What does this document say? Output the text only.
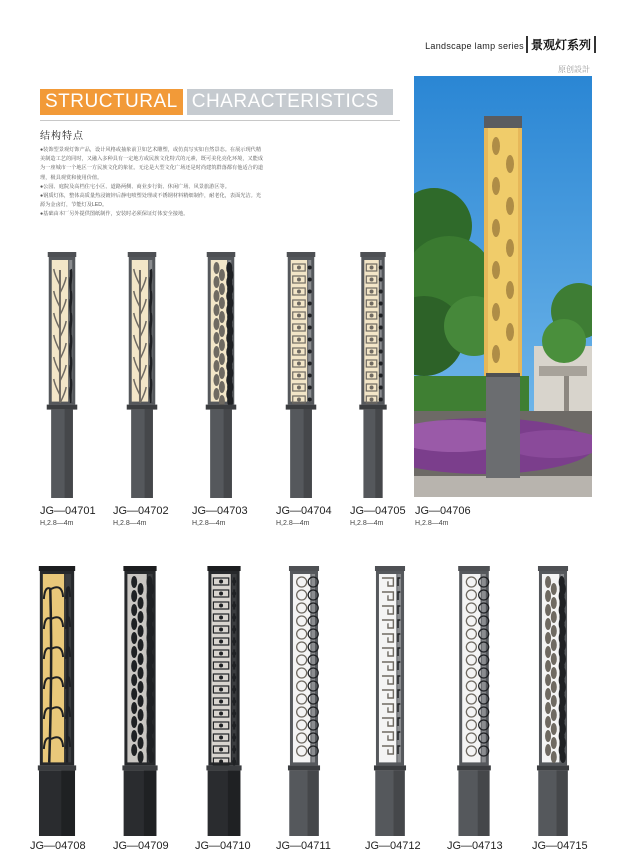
Landscape lamp series 景观灯系列
原创設計
STRUCTURAL CHARACTERISTICS
结构特点

●装饰型景观灯饰产品，设计风格或抽象前卫如艺术雕塑，或仿真写实如自然景态。在展示现代精

美制造工艺的同时，又融入多种具有一定地方或民族文化特式的元素，既可美化亮化环境，又能成

为一座城市一个地区一方民族文化的象征。无论是大型文化广场还是时尚建筑群落都有他适合的道

理，极具观赏和使用价值。

●公园、庭院及高档住宅小区、道路两侧、商业步行街、休闲广场、风景旅游区等。

●钢质灯体，整体高质量热浸镀锌后静电喷塑处理或不锈钢材料精细制作，耐老化，表面光洁。光

源为金卤灯，节能灯及LED。

●基础由本厂另外提供图纸制作，安装时必须保证灯体安全接地。

JG—04701
H,2.8—4m
JG—04702
H,2.8—4m
JG—04703
H,2.8—4m
JG—04704
H,2.8—4m
JG—04705
H,2.8—4m
JG—04706
H,2.8—4m
JG—04708 JG—04709 JG—04710 JG—04711	JG—04712 JG—04713	JG—04715
